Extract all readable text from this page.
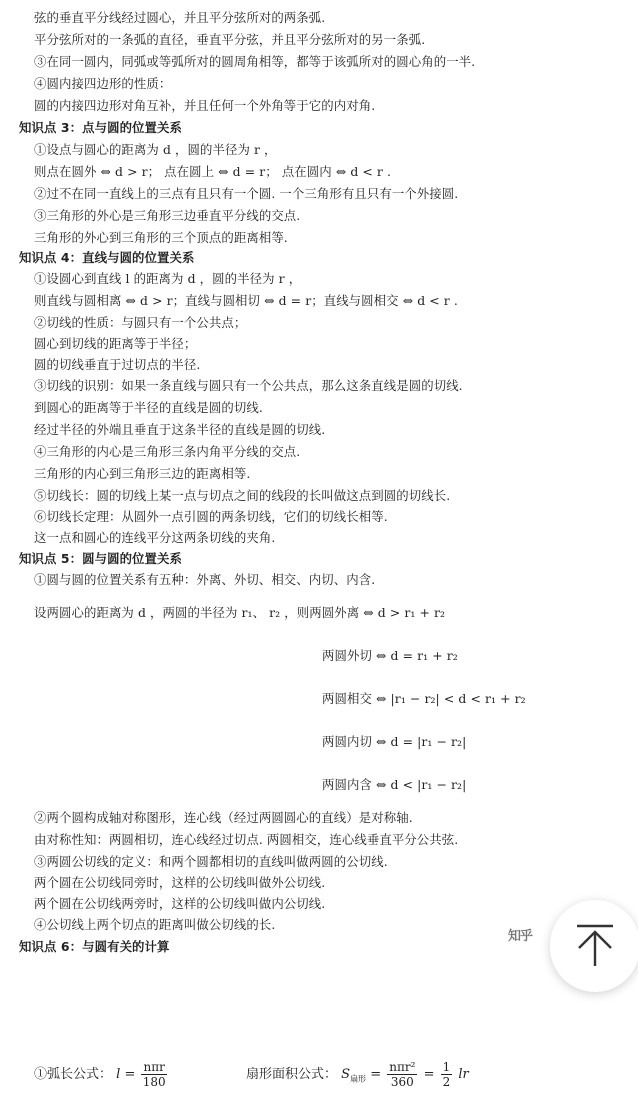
弦的垂直平分线经过圆心，并且平分弦所对的两条弧.
平分弦所对的一条弧的直径，垂直平分弦，并且平分弦所对的另一条弧.
③在同一圆内，同弧或等弧所对的圆周角相等，都等于该弧所对的圆心角的一半.
④圆内接四边形的性质：
圆的内接四边形对角互补，并且任何一个外角等于它的内对角.
知识点 3：点与圆的位置关系
①设点与圆心的距离为 d ，圆的半径为 r ，
则点在圆外 ⇔ d > r； 点在圆上 ⇔ d = r； 点在圆内 ⇔ d < r .
②过不在同一直线上的三点有且只有一个圆. 一个三角形有且只有一个外接圆.
③三角形的外心是三角形三边垂直平分线的交点.
三角形的外心到三角形的三个顶点的距离相等.
知识点 4：直线与圆的位置关系
①设圆心到直线 l 的距离为 d ，圆的半径为 r ，
则直线与圆相离 ⇔ d > r；直线与圆相切 ⇔ d = r；直线与圆相交 ⇔ d < r .
②切线的性质：与圆只有一个公共点；
圆心到切线的距离等于半径；
圆的切线垂直于过切点的半径.
③切线的识别：如果一条直线与圆只有一个公共点，那么这条直线是圆的切线.
到圆心的距离等于半径的直线是圆的切线.
经过半径的外端且垂直于这条半径的直线是圆的切线.
④三角形的内心是三角形三条内角平分线的交点.
三角形的内心到三角形三边的距离相等.
⑤切线长：圆的切线上某一点与切点之间的线段的长叫做这点到圆的切线长.
⑥切线长定理：从圆外一点引圆的两条切线，它们的切线长相等.
这一点和圆心的连线平分这两条切线的夹角.
知识点 5：圆与圆的位置关系
①圆与圆的位置关系有五种：外离、外切、相交、内切、内含.
设两圆心的距离为 d ，两圆的半径为 r₁、 r₂ ，则两圆外离 ⇔ d > r₁ + r₂
两圆外切 ⇔ d = r₁ + r₂
两圆相交 ⇔ |r₁ − r₂| < d < r₁ + r₂
两圆内切 ⇔ d = |r₁ − r₂|
两圆内含 ⇔ d < |r₁ − r₂|
②两个圆构成轴对称图形，连心线（经过两圆圆心的直线）是对称轴.
由对称性知：两圆相切，连心线经过切点. 两圆相交，连心线垂直平分公共弦.
③两圆公切线的定义：和两个圆都相切的直线叫做两圆的公切线.
两个圆在公切线同旁时，这样的公切线叫做外公切线.
两个圆在公切线两旁时，这样的公切线叫做内公切线.
④公切线上两个切点的距离叫做公切线的长.
知识点 6：与圆有关的计算
①弧长公式： $l = \frac{\text{nπr}}{180}$	扇形面积公式： $S_{扇形} = \frac{\text{nπr²}}{360} = \frac{1}{2}$ lr
知乎
